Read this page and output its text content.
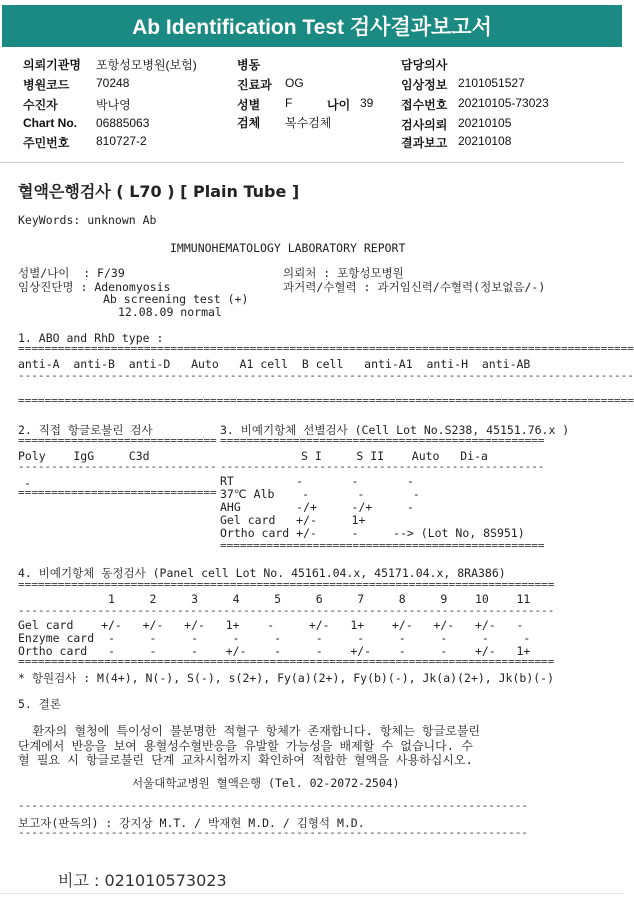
Ab Identification Test 검사결과보고서
의뢰기관명 포항성모병원(보험)	병동	담당의사
병원코드 70248	진료과 OG	임상정보 2101051527
수진자	박나영	성별 F	나이 39 접수번호 20210105-73023
Chart No. 06885063	검체 복수검체	검사의뢰 20210105
주민번호 810727-2	결과보고 20210108
혈액은행검사 ( L70 ) [ Plain Tube ]
KeyWords: unknown Ab
IMMUNOHEMATOLOGY LABORATORY REPORT
성별/나이  : F/39	의뢰처 : 포항성모병원
임상진단명 : Adenomyosis	과거력/수혈력 : 과거임신력/수혈력(정보없음/-)
Ab screening test (+)
12.08.09 normal
1. ABO and RhD type :
=============================================================================================
anti-A  anti-B  anti-D   Auto   A1 cell  B cell   anti-A1  anti-H  anti-AB
---------------------------------------------------------------------------------------------
=============================================================================================
2. 직접 항글로불린 검사
==============================
Poly    IgG     C3d
------------------------------
-
==============================
3. 비예기항체 선별검사 (Cell Lot No.S238, 45151.76.x )
=================================================
S I     S II    Auto   Di-a
-------------------------------------------------
RT         -       -       -
37℃ Alb    -       -       -
AHG        -/+     -/+     -
Gel card   +/-     1+
Ortho card +/-     -     --> (Lot No, 8S951)
=================================================
4. 비예기항체 동정검사 (Panel cell Lot No. 45161.04.x, 45171.04.x, 8RA386)
=================================================================================
1     2     3     4     5     6     7     8     9    10    11
---------------------------------------------------------------------------------
Gel card    +/-   +/-   +/-   1+    -     +/-   1+    +/-   +/-   +/-   -
Enzyme card  -     -     -     -     -     -     -     -     -     -     -
Ortho card   -     -     -    +/-    -     -    +/-    -     -    +/-   1+
=================================================================================
* 항원검사 : M(4+), N(-), S(-), s(2+), Fy(a)(2+), Fy(b)(-), Jk(a)(2+), Jk(b)(-)
5. 결론
환자의 혈청에 특이성이 불분명한 적혈구 항체가 존재합니다. 항체는 항글로불린
단계에서 반응을 보여 용혈성수혈반응을 유발할 가능성을 배제할 수 없습니다. 수
혈 필요 시 항글로불린 단계 교차시험까지 확인하여 적합한 혈액을 사용하십시오.
서울대학교병원 혈액은행 (Tel. 02-2072-2504)
-----------------------------------------------------------------------------
보고자(판독의) : 강지상 M.T. / 박재현 M.D. / 김형석 M.D.
-----------------------------------------------------------------------------
비고 : 021010573023
